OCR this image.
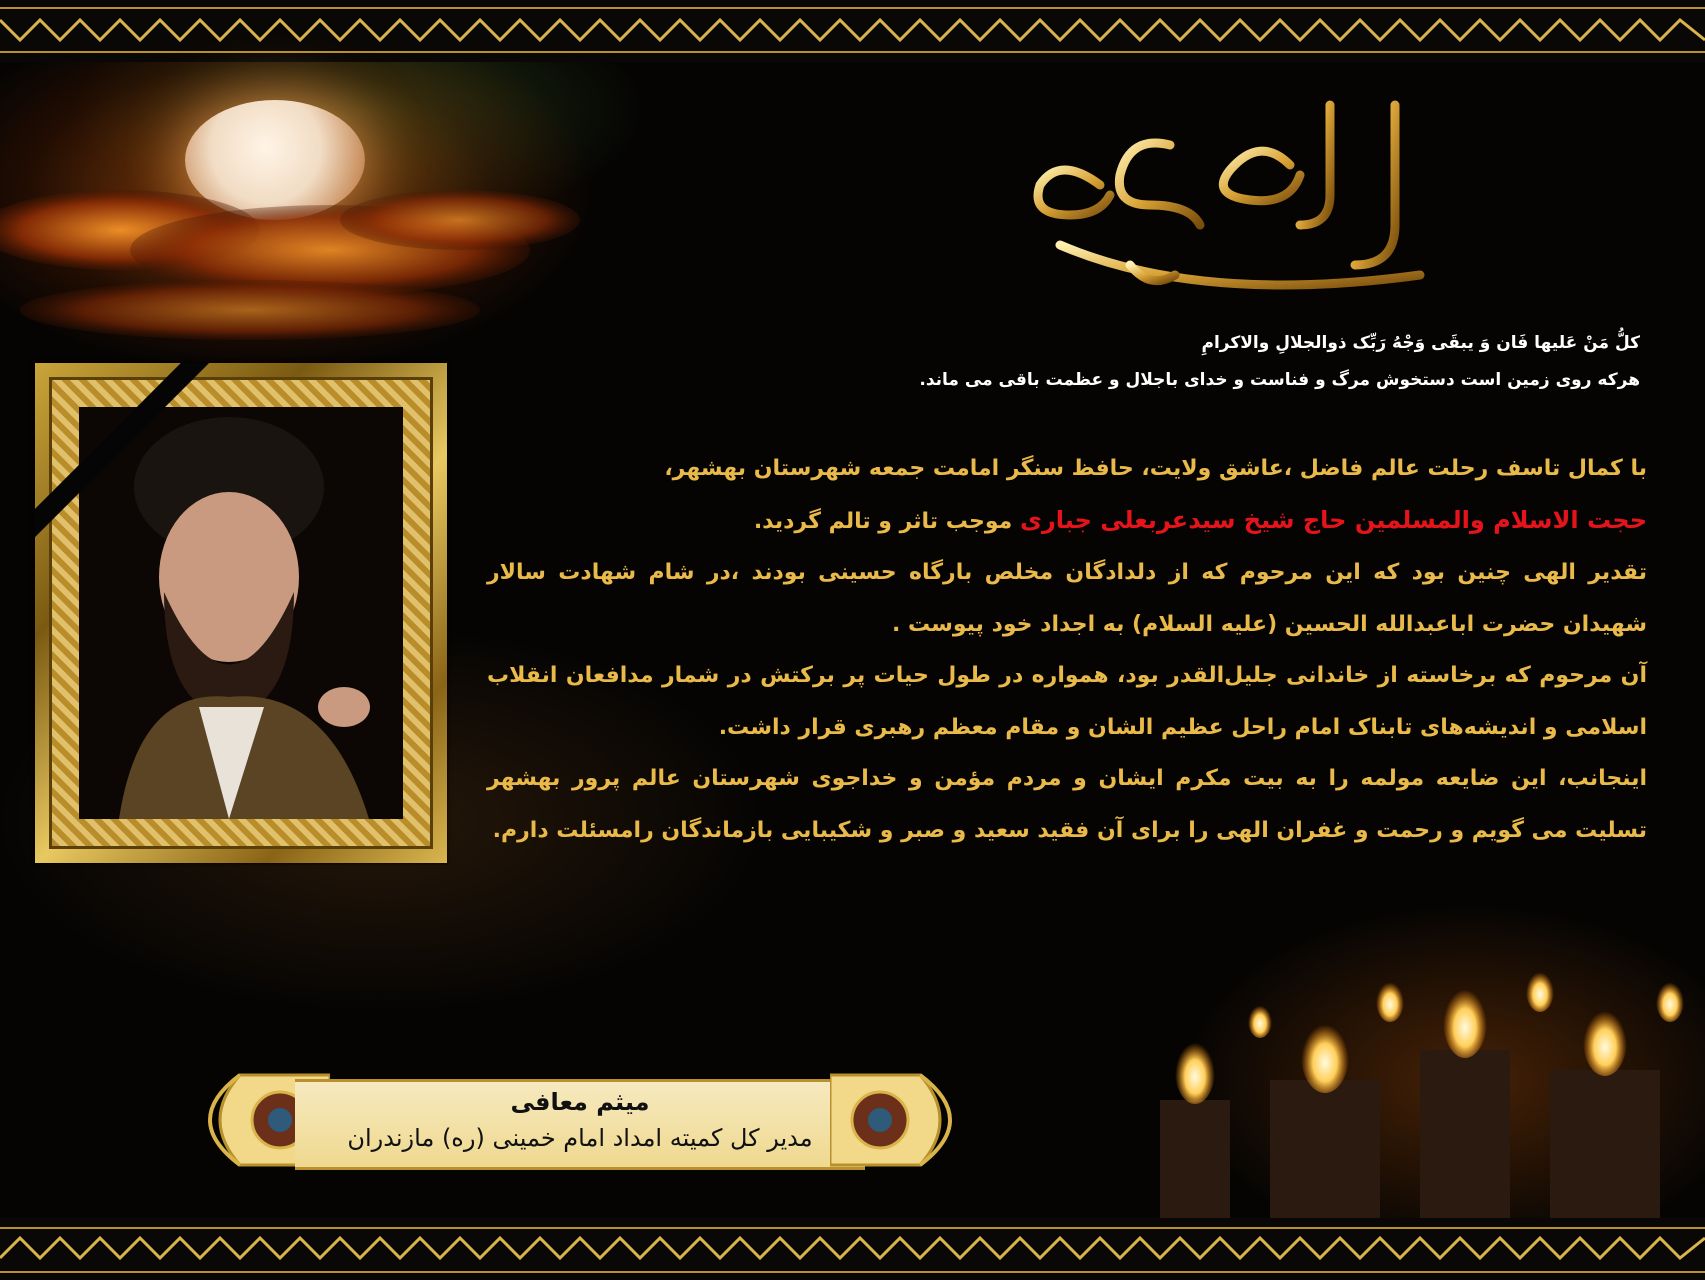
کلُّ مَنْ عَلیها فَان وَ یبقَی وَجْهُ رَبِّک ذوالجلالِ والاکرامِ
هرکه روی زمین است دستخوش مرگ و فناست و خدای باجلال و عظمت باقی می ماند.

با کمال تاسف رحلت عالم فاضل ،عاشق ولایت، حافظ سنگر امامت جمعه شهرستان بهشهر،
حجت الاسلام والمسلمین حاج شیخ سیدعربعلی جباری موجب تاثر و تالم گردید.

تقدیر الهی چنین بود که این مرحوم که از دلدادگان مخلص بارگاه حسینی بودند ،در شام شهادت سالار شهیدان حضرت اباعبدالله الحسین (علیه السلام) به اجداد خود پیوست .

آن مرحوم که برخاسته از خاندانی جلیل‌القدر بود، همواره در طول حیات پر برکتش در شمار مدافعان انقلاب اسلامی و اندیشه‌های تابناک امام راحل عظیم الشان و مقام معظم رهبری قرار داشت.

اینجانب، این ضایعه مولمه را به بیت مکرم ایشان و مردم مؤمن و خداجوی شهرستان عالم پرور بهشهر تسلیت می گویم و رحمت و غفران الهی را برای آن فقید سعید و صبر و شکیبایی بازماندگان رامسئلت دارم.

میثم معافی
مدیر کل کمیته امداد امام خمینی (ره) مازندران
